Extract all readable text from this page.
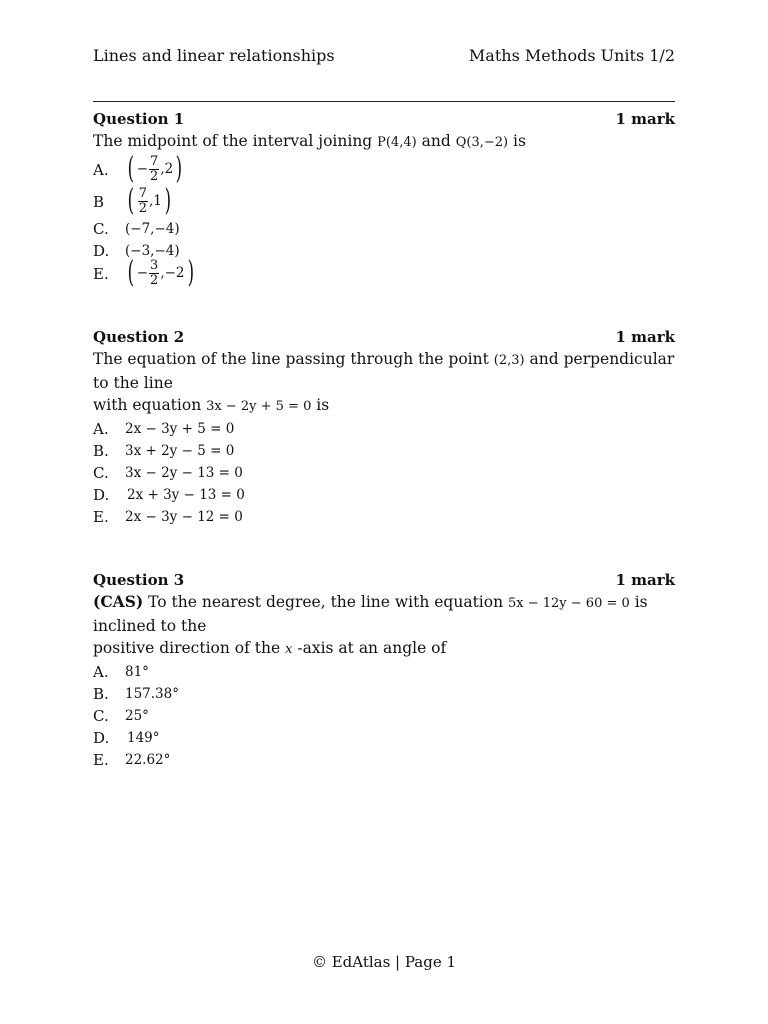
Lines and linear relationships	Maths Methods Units 1/2
Question 1	1 mark
The midpoint of the interval joining P(4,4) and Q(3,−2) is
A. ( − $\frac{7}{2} ,2$ )
B ( $\frac{7}{2} ,1$ )
C. (−7,−4)
D. (−3,−4)
E. ( − $\frac{3}{2} ,-2$ )
Question 2	1 mark
The equation of the line passing through the point (2,3) and perpendicular to the line
with equation 3x − 2y + 5 = 0 is
A. 2x − 3y + 5 = 0
B. 3x + 2y − 5 = 0
C. 3x − 2y − 13 = 0
D. 2x + 3y − 13 = 0
E. 2x − 3y − 12 = 0
Question 3	1 mark
(CAS) To the nearest degree, the line with equation 5x − 12y − 60 = 0 is inclined to the
positive direction of the x -axis at an angle of
A. 81°
B. 157.38°
C. 25°
D. 149°
E. 22.62°
© EdAtlas | Page 1
